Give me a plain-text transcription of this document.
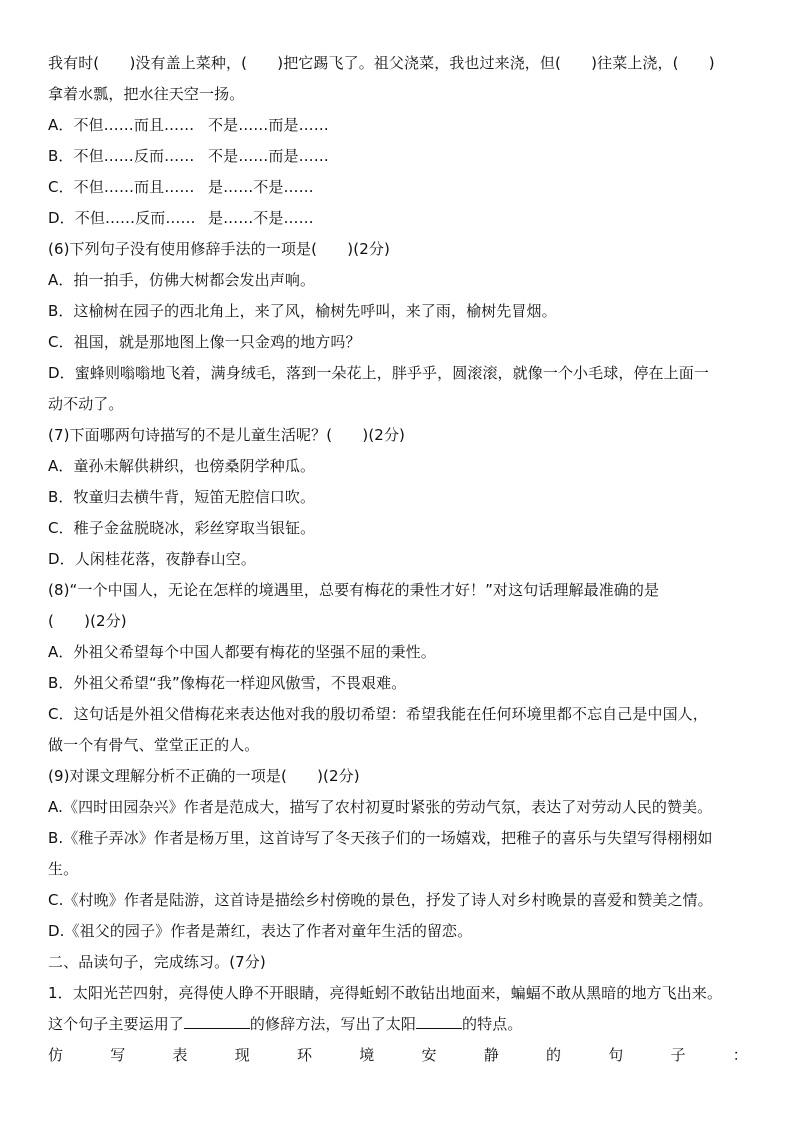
我有时(　　)没有盖上菜种，(　　)把它踢飞了。祖父浇菜，我也过来浇，但(　　)往菜上浇，(　　)
拿着水瓢，把水往天空一扬。
A．不但……而且…… 不是……而是……
B．不但……反而…… 不是……而是……
C．不但……而且…… 是……不是……
D．不但……反而…… 是……不是……
(6)下列句子没有使用修辞手法的一项是(　　)(2分)
A．拍一拍手，仿佛大树都会发出声响。
B．这榆树在园子的西北角上，来了风，榆树先呼叫，来了雨，榆树先冒烟。
C．祖国，就是那地图上像一只金鸡的地方吗？
D．蜜蜂则嗡嗡地飞着，满身绒毛，落到一朵花上，胖乎乎，圆滚滚，就像一个小毛球，停在上面一
动不动了。
(7)下面哪两句诗描写的不是儿童生活呢？(　　)(2分)
A．童孙未解供耕织，也傍桑阴学种瓜。
B．牧童归去横牛背，短笛无腔信口吹。
C．稚子金盆脱晓冰，彩丝穿取当银钲。
D．人闲桂花落，夜静春山空。
(8)“一个中国人，无论在怎样的境遇里，总要有梅花的秉性才好！”对这句话理解最准确的是
(　　)(2分)
A．外祖父希望每个中国人都要有梅花的坚强不屈的秉性。
B．外祖父希望“我”像梅花一样迎风傲雪，不畏艰难。
C．这句话是外祖父借梅花来表达他对我的殷切希望：希望我能在任何环境里都不忘自己是中国人，
做一个有骨气、堂堂正正的人。
(9)对课文理解分析不正确的一项是(　　)(2分)
A.《四时田园杂兴》作者是范成大，描写了农村初夏时紧张的劳动气氛，表达了对劳动人民的赞美。
B.《稚子弄冰》作者是杨万里，这首诗写了冬天孩子们的一场嬉戏，把稚子的喜乐与失望写得栩栩如
生。
C.《村晚》作者是陆游，这首诗是描绘乡村傍晚的景色，抒发了诗人对乡村晚景的喜爱和赞美之情。
D.《祖父的园子》作者是萧红，表达了作者对童年生活的留恋。
二、品读句子，完成练习。(7分)
1．太阳光芒四射，亮得使人睁不开眼睛，亮得蚯蚓不敢钻出地面来，蝙蝠不敢从黑暗的地方飞出来。
这个句子主要运用了	的修辞方法，写出了太阳	的特点。
仿	写	表	现	环	境	安	静	的	句	子	：
